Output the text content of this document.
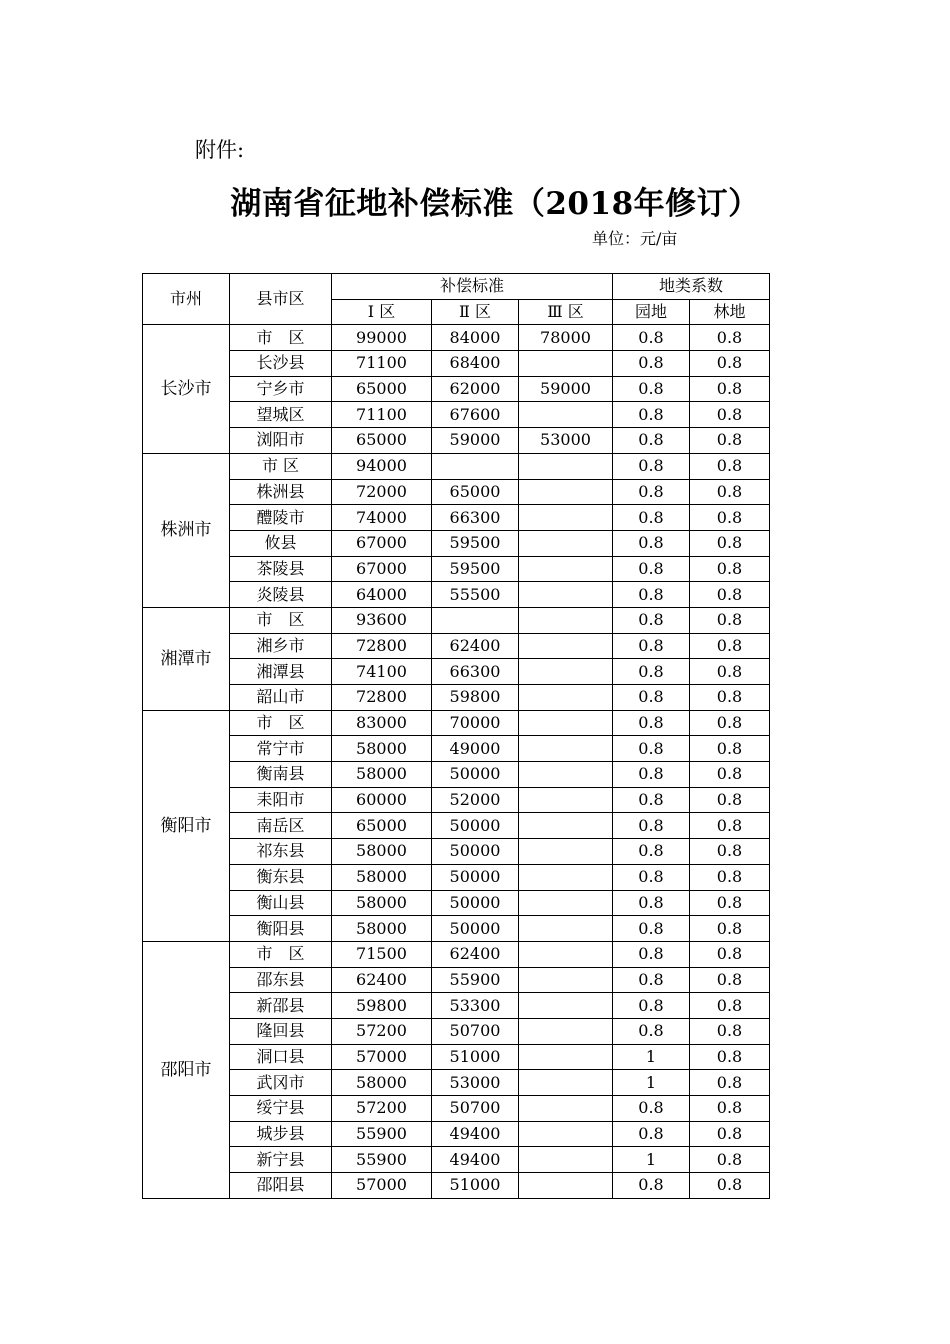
附件:
湖南省征地补偿标准（2018年修订）
单位：元/亩
市州	县市区	补偿标准			地类系数	
		Ⅰ 区	Ⅱ 区	Ⅲ 区	园地	林地
长沙市	市　区	99000	84000	78000	0.8	0.8
	长沙县	71100	68400		0.8	0.8
	宁乡市	65000	62000	59000	0.8	0.8
	望城区	71100	67600		0.8	0.8
	浏阳市	65000	59000	53000	0.8	0.8
株洲市	市 区	94000			0.8	0.8
	株洲县	72000	65000		0.8	0.8
	醴陵市	74000	66300		0.8	0.8
	攸县	67000	59500		0.8	0.8
	茶陵县	67000	59500		0.8	0.8
	炎陵县	64000	55500		0.8	0.8
湘潭市	市　区	93600			0.8	0.8
	湘乡市	72800	62400		0.8	0.8
	湘潭县	74100	66300		0.8	0.8
	韶山市	72800	59800		0.8	0.8
衡阳市	市　区	83000	70000		0.8	0.8
	常宁市	58000	49000		0.8	0.8
	衡南县	58000	50000		0.8	0.8
	耒阳市	60000	52000		0.8	0.8
	南岳区	65000	50000		0.8	0.8
	祁东县	58000	50000		0.8	0.8
	衡东县	58000	50000		0.8	0.8
	衡山县	58000	50000		0.8	0.8
	衡阳县	58000	50000		0.8	0.8
邵阳市	市　区	71500	62400		0.8	0.8
	邵东县	62400	55900		0.8	0.8
	新邵县	59800	53300		0.8	0.8
	隆回县	57200	50700		0.8	0.8
	洞口县	57000	51000		1	0.8
	武冈市	58000	53000		1	0.8
	绥宁县	57200	50700		0.8	0.8
	城步县	55900	49400		0.8	0.8
	新宁县	55900	49400		1	0.8
	邵阳县	57000	51000		0.8	0.8
